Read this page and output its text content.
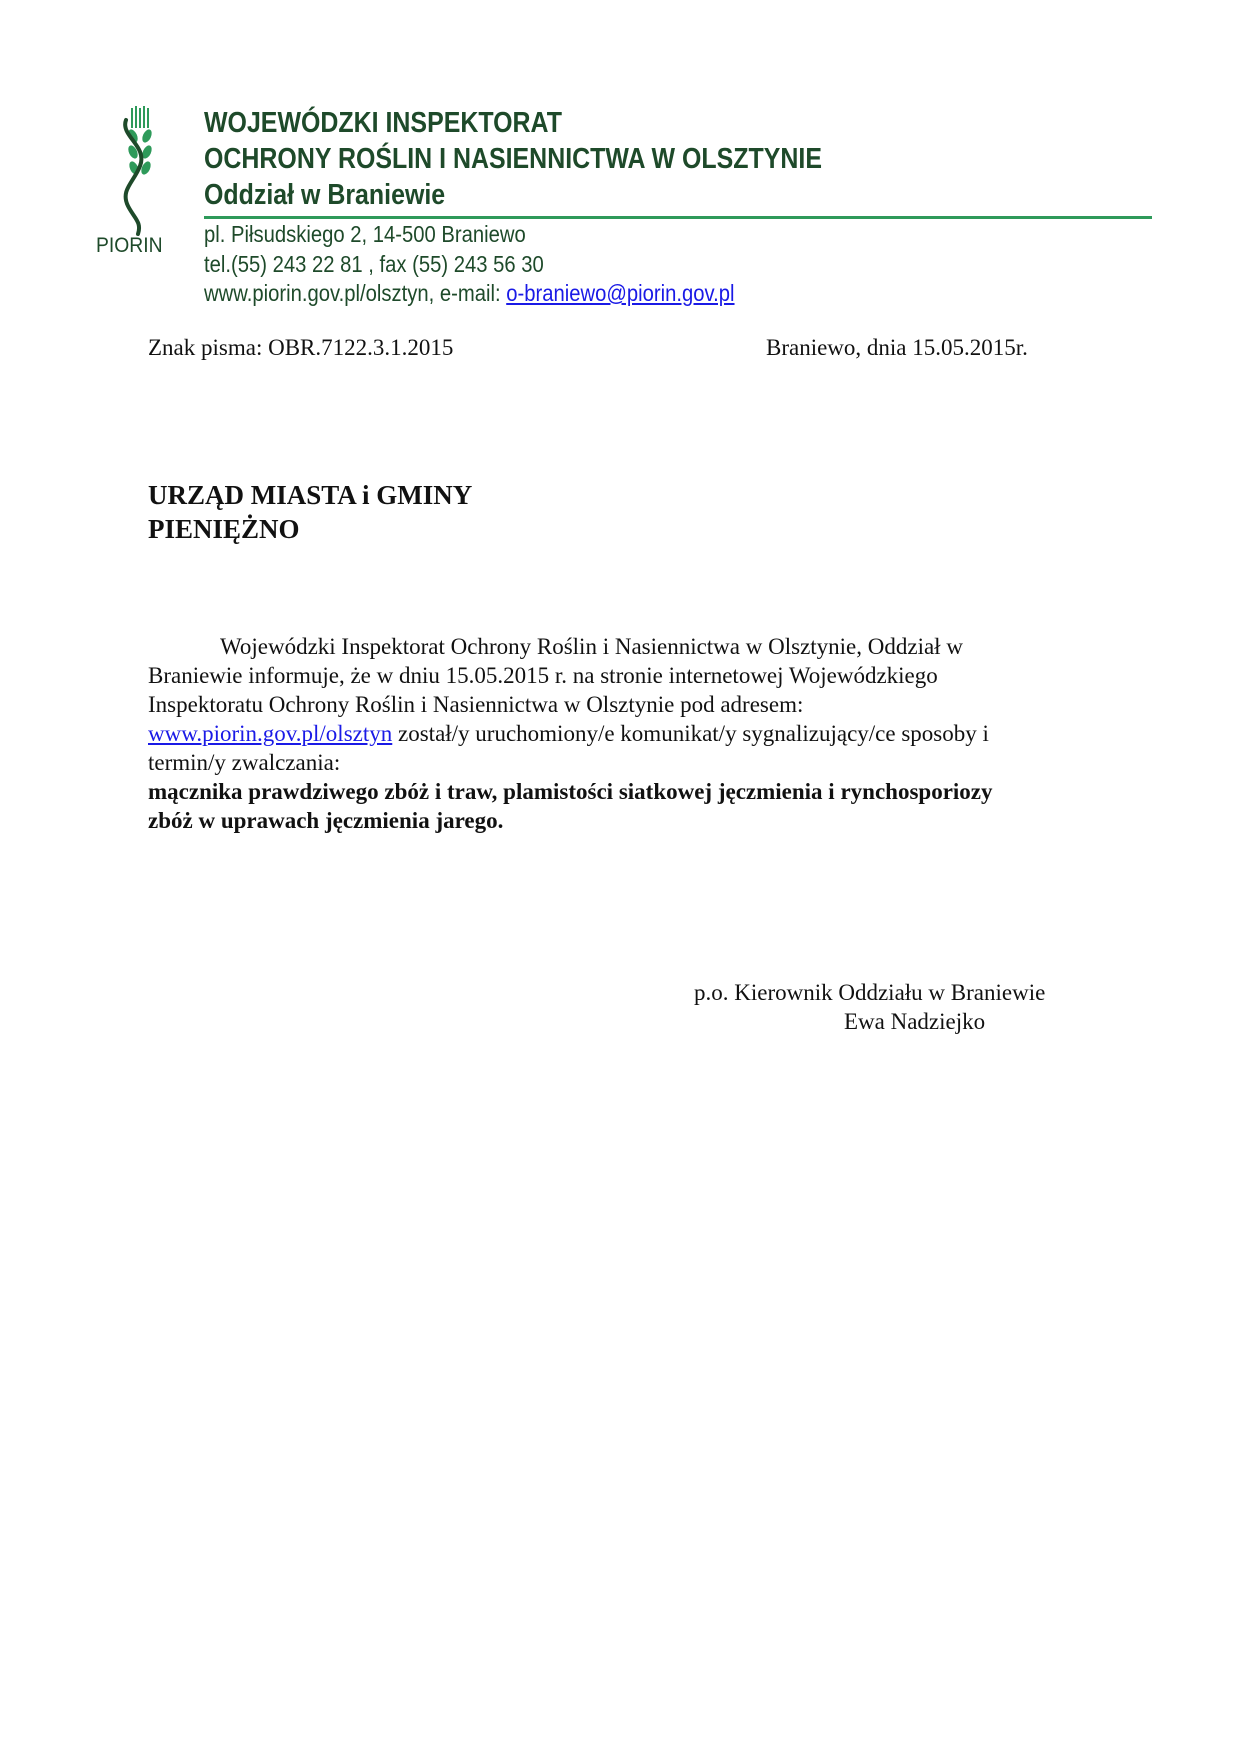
PIORIN
WOJEWÓDZKI INSPEKTORAT
OCHRONY ROŚLIN I NASIENNICTWA W OLSZTYNIE
Oddział w Braniewie
pl. Piłsudskiego 2, 14-500 Braniewo
tel.(55) 243 22 81 , fax (55) 243 56 30
www.piorin.gov.pl/olsztyn, e-mail: o-braniewo@piorin.gov.pl
Znak pisma: OBR.7122.3.1.2015	Braniewo, dnia 15.05.2015r.
URZĄD MIASTA i GMINY
PIENIĘŻNO
Wojewódzki Inspektorat Ochrony Roślin i Nasiennictwa w Olsztynie, Oddział w
Braniewie informuje, że w dniu 15.05.2015 r. na stronie internetowej Wojewódzkiego
Inspektoratu Ochrony Roślin i Nasiennictwa w Olsztynie pod adresem:
www.piorin.gov.pl/olsztyn został/y uruchomiony/e komunikat/y sygnalizujący/ce sposoby i
termin/y zwalczania:
mącznika prawdziwego zbóż i traw, plamistości siatkowej jęczmienia i rynchosporiozy
zbóż w uprawach jęczmienia jarego.
p.o. Kierownik Oddziału w Braniewie
Ewa Nadziejko
